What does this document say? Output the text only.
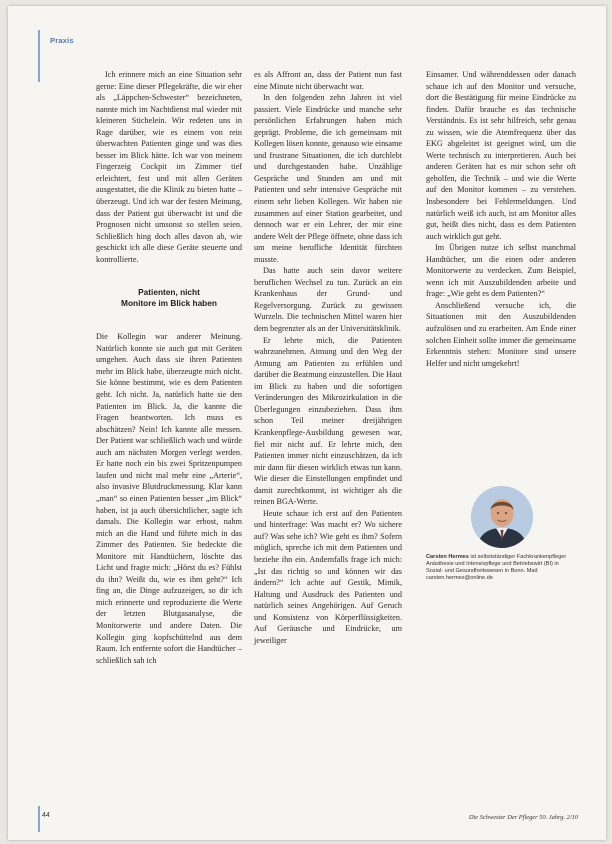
Praxis

Ich erinnere mich an eine Situation sehr gerne: Eine dieser Pflegekräfte, die wir eher als „Läppchen-Schwester“ bezeichneten, nannte mich im Nachtdienst mal wieder mit kleineren Stichelein. Wir redeten uns in Rage darüber, wie es einem von rein überwachten Patienten ginge und was dies besser im Blick hätte. Ich war von meinem Fingerzeig Cockpit im Zimmer tief erleichtert, fest und mit allen Geräten ausgestattet, die die Klinik zu bieten hatte – überzeugt. Und ich war der festen Meinung, dass der Patient gut überwacht ist und die Prognosen nicht umsonst so stellen seien. Schließlich hing doch alles davon ab, wie geschickt ich alle diese Geräte steuerte und kontrollierte.

Patienten, nicht
Monitore im Blick haben

Die Kollegin war anderer Meinung. Natürlich konnte sie auch gut mit Geräten umgehen. Auch dass sie ihren Patienten mehr im Blick habe, überzeugte mich nicht. Sie könne bestimmt, wie es dem Patienten geht. Ich nicht. Ja, natürlich hatte sie den Patienten im Blick. Ja, die kannte die Fragen beantworten. Ich muss es abschätzen? Nein! Ich kannte alle messen. Der Patient war schließlich wach und würde auch am nächsten Morgen verlegt werden. Er hatte noch ein bis zwei Spritzenpumpen laufen und nicht mal mehr eine „Arterie“, also invasive Blutdruckmessung. Klar kann „man“ so einen Patienten besser „im Blick“ haben, ist ja auch übersichtlicher, sagte ich damals. Die Kollegin war erbost, nahm mich an die Hand und führte mich in das Zimmer des Patienten. Sie bedeckte die Monitore mit Handtüchern, löschte das Licht und fragte mich: „Hörst du es? Fühlst du ihn? Weißt du, wie es ihm geht?“ Ich fing an, die Dinge aufzuzeigen, so dir ich mich erinnerte und reproduzierte die Werte der letzten Blutgasanalyse, die Monitorwerte und andere Daten. Die Kollegin ging kopfschüttelnd aus dem Raum. Ich entfernte sofort die Handtücher – schließlich sah ich

es als Affront an, dass der Patient nun fast eine Minute nicht überwacht war.

In den folgenden zehn Jahren ist viel passiert. Viele Eindrücke und manche sehr persönlichen Erfahrungen haben mich geprägt. Probleme, die ich gemeinsam mit Kollegen lösen konnte, genauso wie einsame und frustrane Situationen, die ich durchlebt und durchgestanden habe. Unzählige Gespräche und Stunden am und mit Patienten und sehr intensive Gespräche mit einem sehr lieben Kollegen. Wir haben nie zusammen auf einer Station gearbeitet, und dennoch war er ein Lehrer, der mir eine andere Welt der Pflege öffnete, ohne dass ich um meine berufliche Identität fürchten musste.

Das hatte auch sein davor weitere beruflichen Wechsel zu tun. Zurück an ein Krankenhaus der Grund- und Regelversorgung. Zurück zu gewissen Wurzeln. Die technischen Mittel waren hier dem begrenzter als an der Universitätsklinik.

Er lehrte mich, die Patienten wahrzunehmen. Atmung und den Weg der Atmung am Patienten zu erfühlen und darüber die Beatmung einzustellen. Die Haut im Blick zu haben und die sofortigen Veränderungen des Mikrozirkulation in die Überlegungen einzubeziehen. Dass ihm schon Teil meiner dreijährigen Krankenpflege-Ausbildung gewesen war, fiel mir nicht auf. Er lehrte mich, den Patienten immer nicht einzuschätzen, da ich mir dann für diesen wirklich etwas tun kann. Wie dieser die Einstellungen empfindet und damit zurechtkommt, ist wichtiger als die reinen BGA-Werte.

Heute schaue ich erst auf den Patienten und hinterfrage: Was macht er? Wo sichere auf? Was sehe ich? Wie geht es ihm? Sofern möglich, spreche ich mit dem Patienten und beziehe ihn ein. Andernfalls frage ich mich: „Ist das richtig so und können wir das ändern?“ Ich achte auf Gestik, Mimik, Haltung und Ausdruck des Patienten und natürlich seines Angehörigen. Auf Geruch und Konsistenz von Körperflüssigkeiten. Auf Geräusche und Eindrücke, um jeweiliger

Einsamer. Und währenddessen oder danach schaue ich auf den Monitor und versuche, dort die Bestätigung für meine Eindrücke zu finden. Dafür brauche es das technische Verständnis. Es ist sehr hilfreich, sehr genau zu wissen, wie die Atemfrequenz über das EKG abgeleitet ist geeignet wird, um die Werte technisch zu interpretieren. Auch bei anderen Geräten hat es mir schon sehr oft geholfen, die Technik – und wie die Werte auf den Monitor kommen – zu verstehen. Insbesondere bei Fehlermeldungen. Und natürlich weiß ich auch, ist am Monitor alles gut, heißt dies nicht, dass es dem Patienten auch wirklich gut geht.

Im Übrigen nutze ich selbst manchmal Handtücher, um die einen oder anderen Monitorwerte zu verdecken. Zum Beispiel, wenn ich mit Auszubildenden arbeite und frage: „Wie geht es dem Patienten?“

Anschließend versuche ich, die Situationen mit den Auszubildenden aufzulösen und zu erarbeiten. Am Ende einer solchen Einheit sollte immer die gemeinsame Erkenntnis stehen: Monitore sind unsere Helfer und nicht umgekehrt!

Carsten Hermes ist selbstständiger Fachkrankenpfleger Anästhesie und Intensivpflege und Betriebswirt (BI) in Sozial- und Gesundheitswesen in Bonn. Mail: carsten.hermes@online.de
44	Die Schwester Der Pfleger 50. Jahrg. 2/10
